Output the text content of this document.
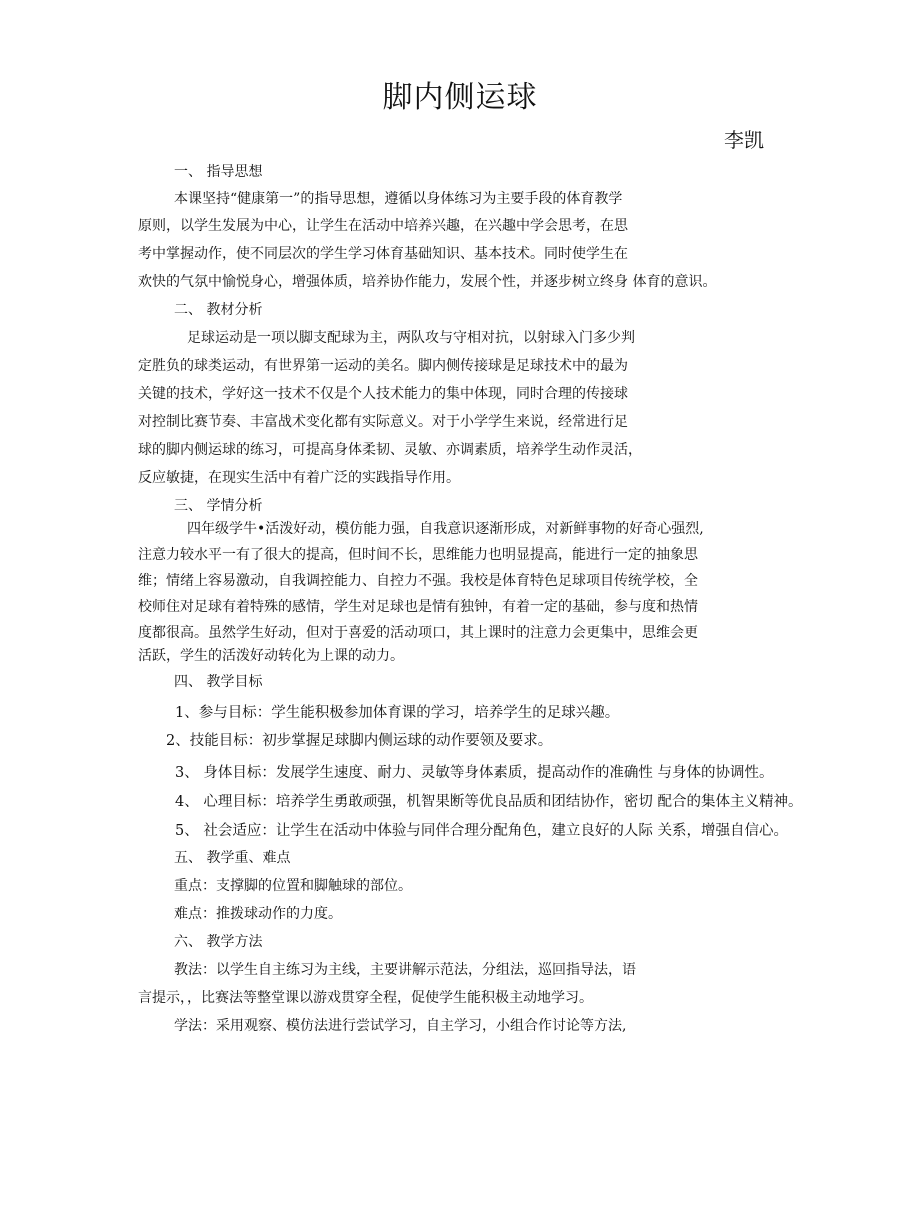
脚内侧运球
李凯
一、 指导思想
本课坚持“健康第一”的指导思想，遵循以身体练习为主要手段的体育教学
原则，以学生发展为中心，让学生在活动中培养兴趣，在兴趣中学会思考，在思
考中掌握动作，使不同层次的学生学习体育基础知识、基本技术。同时使学生在
欢快的气氛中愉悦身心，增强体质，培养协作能力，发展个性，并逐步树立终身 体育的意识。
二、 教材分析
足球运动是一项以脚支配球为主，两队攻与守相对抗，以射球入门多少判
定胜负的球类运动，有世界第一运动的美名。脚内侧传接球是足球技术中的最为
关键的技术，学好这一技术不仅是个人技术能力的集中体现，同时合理的传接球
对控制比赛节奏、丰富战术变化都有实际意义。对于小学学生来说，经常进行足
球的脚内侧运球的练习，可提高身体柔韧、灵敏、亦调素质，培养学生动作灵活，
反应敏捷，在现实生活中有着广泛的实践指导作用。
三、 学情分析
四年级学牛•活泼好动，模仿能力强，自我意识逐渐形成，对新鲜事物的好奇心强烈,
注意力较水平一有了很大的提高，但时间不长，思维能力也明显提高，能进行一定的抽象思
维；情绪上容易激动，自我调控能力、自控力不强。我校是体育特色足球项目传统学校，全
校师住对足球有着特殊的感情，学生对足球也是情有独钟，有着一定的基础，参与度和热情
度都很高。虽然学生好动，但对于喜爱的活动项口，其上课时的注意力会更集中，思维会更
活跃，学生的活泼好动转化为上课的动力。
四、 教学目标
1、参与目标：学生能积极参加体育课的学习，培养学生的足球兴趣。
2、技能目标：初步掌握足球脚内侧运球的动作要领及要求。
3、 身体目标：发展学生速度、耐力、灵敏等身体素质，提高动作的准确性 与身体的协调性。
4、 心理目标：培养学生勇敢顽强，机智果断等优良品质和团结协作，密切 配合的集体主义精神。
5、 社会适应：让学生在活动中体验与同伴合理分配角色，建立良好的人际 关系，增强自信心。
五、 教学重、难点
重点：支撑脚的位置和脚触球的部位。
难点：推拨球动作的力度。
六、 教学方法
教法：以学生自主练习为主线，主要讲解示范法，分组法，巡回指导法，语
言提示，，比赛法等整堂课以游戏贯穿全程，促使学生能积极主动地学习。
学法：采用观察、模仿法进行尝试学习，自主学习，小组合作讨论等方法,
